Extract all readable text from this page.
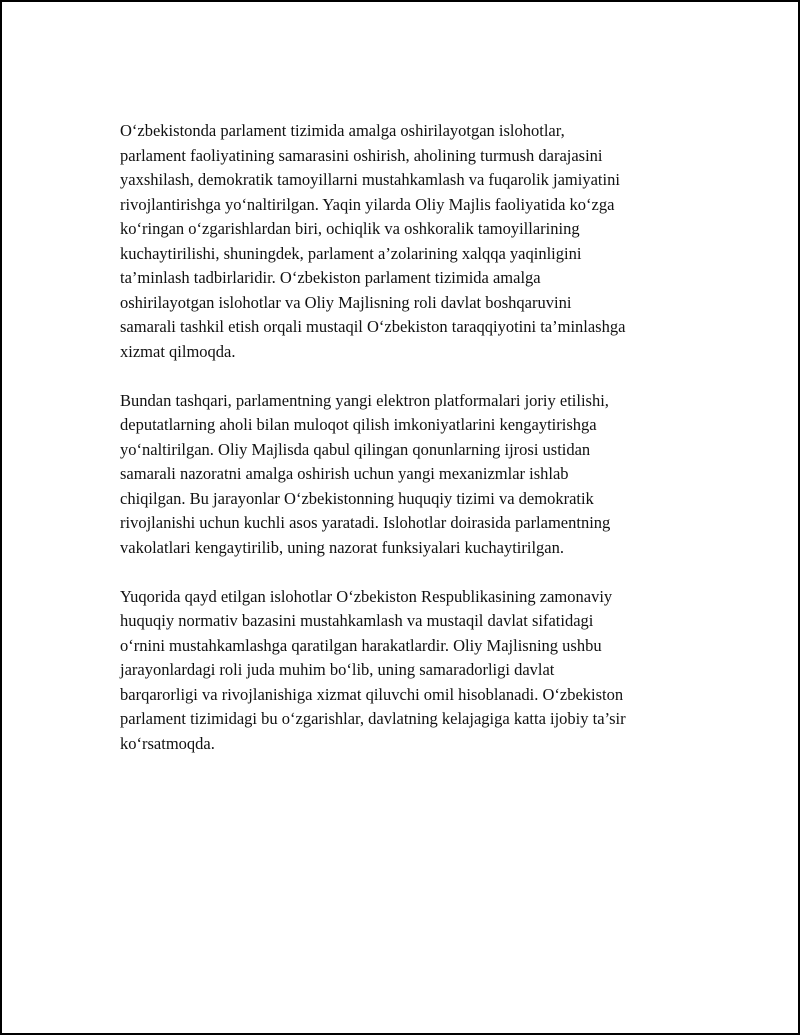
O‘zbekistonda parlament tizimida amalga oshirilayotgan islohotlar,
parlament faoliyatining samarasini oshirish, aholining turmush darajasini
yaxshilash, demokratik tamoyillarni mustahkamlash va fuqarolik jamiyatini
rivojlantirishga yo‘naltirilgan. Yaqin yilarda Oliy Majlis faoliyatida ko‘zga
ko‘ringan o‘zgarishlardan biri, ochiqlik va oshkoralik tamoyillarining
kuchaytirilishi, shuningdek, parlament a’zolarining xalqqa yaqinligini
ta’minlash tadbirlaridir. O‘zbekiston parlament tizimida amalga
oshirilayotgan islohotlar va Oliy Majlisning roli davlat boshqaruvini
samarali tashkil etish orqali mustaqil O‘zbekiston taraqqiyotini ta’minlashga
xizmat qilmoqda.

Bundan tashqari, parlamentning yangi elektron platformalari joriy etilishi,
deputatlarning aholi bilan muloqot qilish imkoniyatlarini kengaytirishga
yo‘naltirilgan. Oliy Majlisda qabul qilingan qonunlarning ijrosi ustidan
samarali nazoratni amalga oshirish uchun yangi mexanizmlar ishlab
chiqilgan. Bu jarayonlar O‘zbekistonning huquqiy tizimi va demokratik
rivojlanishi uchun kuchli asos yaratadi. Islohotlar doirasida parlamentning
vakolatlari kengaytirilib, uning nazorat funksiyalari kuchaytirilgan.

Yuqorida qayd etilgan islohotlar O‘zbekiston Respublikasining zamonaviy
huquqiy normativ bazasini mustahkamlash va mustaqil davlat sifatidagi
o‘rnini mustahkamlashga qaratilgan harakatlardir. Oliy Majlisning ushbu
jarayonlardagi roli juda muhim bo‘lib, uning samaradorligi davlat
barqarorligi va rivojlanishiga xizmat qiluvchi omil hisoblanadi. O‘zbekiston
parlament tizimidagi bu o‘zgarishlar, davlatning kelajagiga katta ijobiy ta’sir
ko‘rsatmoqda.
